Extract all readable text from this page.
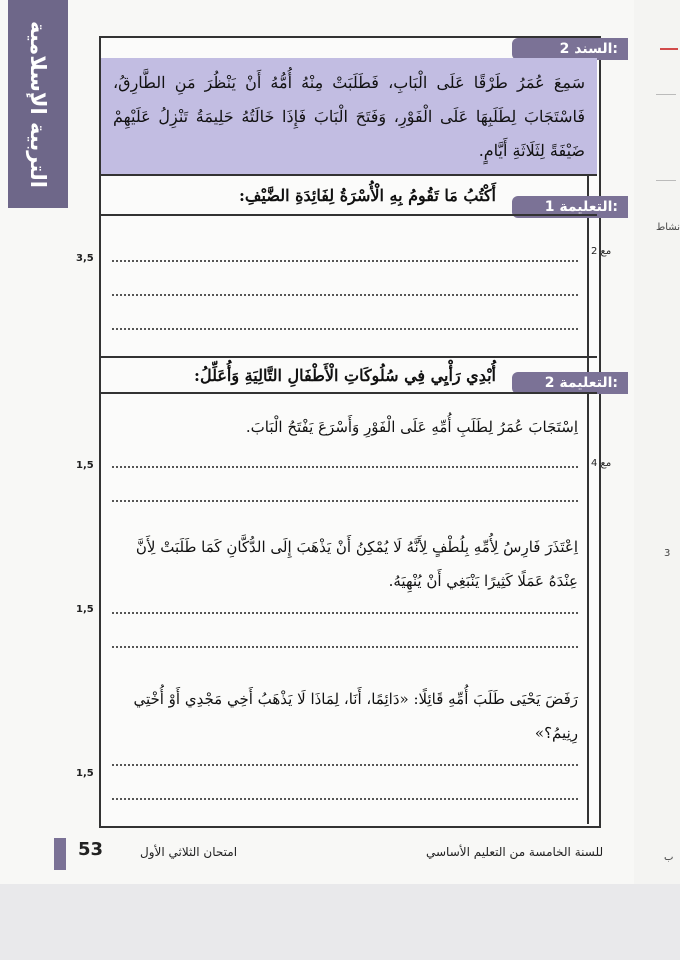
نشاط
3
ب
التربية الإسلامية	السند 2:

سَمِعَ عُمَرُ طَرْقًا عَلَى الْبَابِ، فَطَلَبَتْ مِنْهُ أُمُّهُ أَنْ يَنْظُرَ مَنِ الطَّارِقُ، فَاسْتَجَابَ لِطَلَبِهَا عَلَى الْفَوْرِ، وَفَتَحَ الْبَابَ فَإِذَا خَالَتُهُ حَلِيمَةُ تَنْزِلُ عَلَيْهِمْ ضَيْفَةً لِثَلَاثَةِ أَيَّامٍ.

أَكْتُبُ مَا تَقُومُ بِهِ الْأُسْرَةُ لِفَائِدَةِ الضَّيْفِ:
التعليمة 1:
مع 2
3,5
أُبْدِي رَأْيِي فِي سُلُوكَاتِ الْأَطْفَالِ التَّالِيَةِ وَأُعَلِّلُ:	التعليمة 2:
مع 4
اِسْتَجَابَ عُمَرُ لِطَلَبِ أُمِّهِ عَلَى الْفَوْرِ وَأَسْرَعَ يَفْتَحُ الْبَابَ.
1,5
اِعْتَذَرَ فَارِسُ لِأُمِّهِ بِلُطْفٍ لِأَنَّهُ لَا يُمْكِنُ أَنْ يَذْهَبَ إِلَى الدُّكَّانِ كَمَا طَلَبَتْ لِأَنَّ عِنْدَهُ عَمَلًا كَثِيرًا يَنْبَغِي أَنْ يُنْهِيَهُ.
1,5
رَفَضَ يَحْيَى طَلَبَ أُمِّهِ قَائِلًا: «دَائِمًا، أَنَا، لِمَاذَا لَا يَذْهَبُ أَخِي مَجْدِي أَوْ أُخْتِي رِنِيمُ؟»
1,5
53	امتحان الثلاثي الأول	للسنة الخامسة من التعليم الأساسي
